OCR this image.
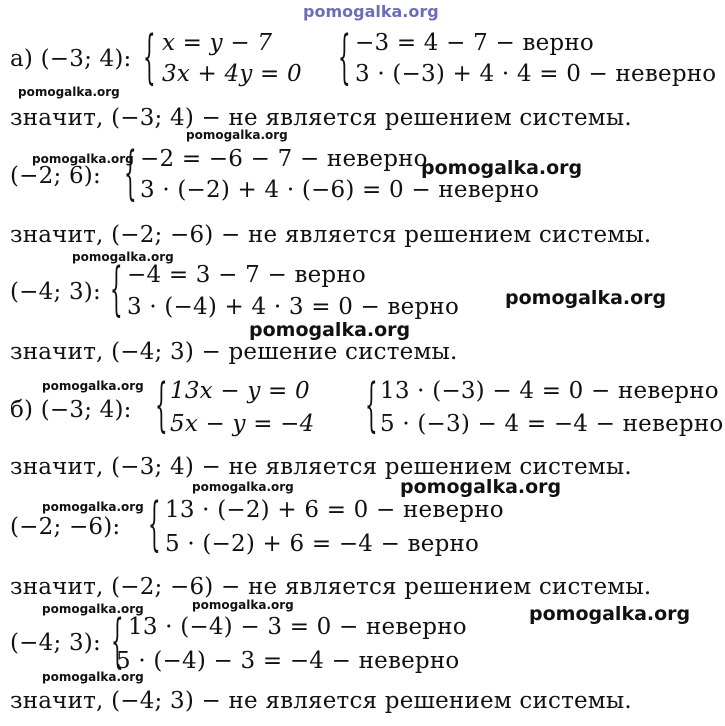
pomogalka.org
а) (−3; 4): { x = y − 7
3x + 4y = 0 { −3 = 4 − 7 − верно
3 · (−3) + 4 · 4 = 0 − неверно
pomogalka.org
значит, (−3; 4) − не является решением системы.
pomogalka.org
pomogalka.org
(−2; 6): { −2 = −6 − 7 − неверно
3 · (−2) + 4 · (−6) = 0 − неверно
pomogalka.org
значит, (−2; −6) − не является решением системы.
pomogalka.org
(−4; 3): { −4 = 3 − 7 − верно
3 · (−4) + 4 · 3 = 0 − верно pomogalka.org
pomogalka.org
значит, (−4; 3) − решение системы.
pomogalka.org
б) (−3; 4): { 13x − y = 0
5x − y = −4 { 13 · (−3) − 4 = 0 − неверно
5 · (−3) − 4 = −4 − неверно
значит, (−3; 4) − не является решением системы.
pomogalka.org	pomogalka.org
pomogalka.org
(−2; −6): { 13 · (−2) + 6 = 0 − неверно
5 · (−2) + 6 = −4 − верно
значит, (−2; −6) − не является решением системы.
pomogalka.org	pomogalka.org	pomogalka.org
(−4; 3): { 13 · (−4) − 3 = 0 − неверно
5 · (−4) − 3 = −4 − неверно
pomogalka.org
значит, (−4; 3) − не является решением системы.
